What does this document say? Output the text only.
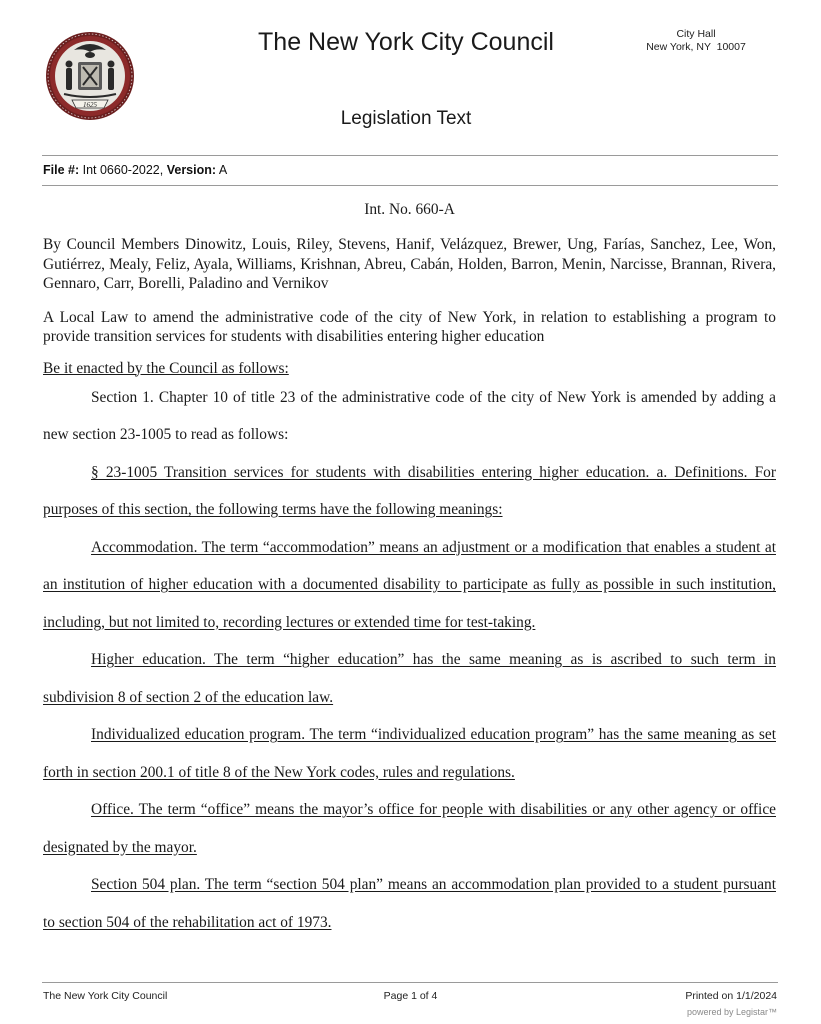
1625
The New York City Council	City Hall
New York, NY  10007
Legislation Text
File #: Int 0660-2022, Version: A
Int. No. 660-A

By Council Members Dinowitz, Louis, Riley, Stevens, Hanif, Velázquez, Brewer, Ung, Farías, Sanchez, Lee, Won, Gutiérrez, Mealy, Feliz, Ayala, Williams, Krishnan, Abreu, Cabán, Holden, Barron, Menin, Narcisse, Brannan, Rivera, Gennaro, Carr, Borelli, Paladino and Vernikov

A Local Law to amend the administrative code of the city of New York, in relation to establishing a program to provide transition services for students with disabilities entering higher education

Be it enacted by the Council as follows:

Section 1. Chapter 10 of title 23 of the administrative code of the city of New York is amended by adding a new section 23-1005 to read as follows:

§ 23-1005 Transition services for students with disabilities entering higher education. a. Definitions. For purposes of this section, the following terms have the following meanings:

Accommodation. The term “accommodation” means an adjustment or a modification that enables a student at an institution of higher education with a documented disability to participate as fully as possible in such institution, including, but not limited to, recording lectures or extended time for test-taking.

Higher education. The term “higher education” has the same meaning as is ascribed to such term in subdivision 8 of section 2 of the education law.

Individualized education program. The term “individualized education program” has the same meaning as set forth in section 200.1 of title 8 of the New York codes, rules and regulations.

Office. The term “office” means the mayor’s office for people with disabilities or any other agency or office designated by the mayor.

Section 504 plan. The term “section 504 plan” means an accommodation plan provided to a student pursuant to section 504 of the rehabilitation act of 1973.

The New York City Council	Page 1 of 4	Printed on 1/1/2024
powered by Legistar™
